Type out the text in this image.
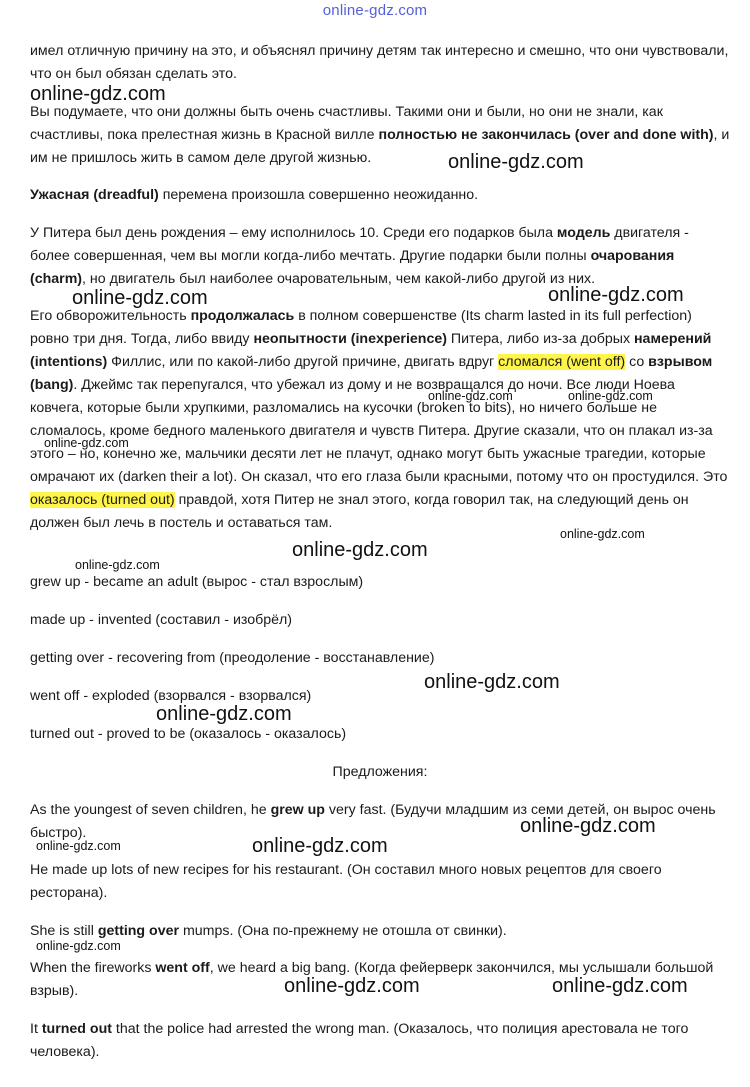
online-gdz.com
имел отличную причину на это, и объяснял причину детям так интересно и смешно, что они чувствовали, что он был обязан сделать это.
Вы подумаете, что они должны быть очень счастливы. Такими они и были, но они не знали, как счастливы, пока прелестная жизнь в Красной вилле полностью не закончилась (over and done with), и им не пришлось жить в самом деле другой жизнью.
Ужасная (dreadful) перемена произошла совершенно неожиданно.
У Питера был день рождения – ему исполнилось 10. Среди его подарков была модель двигателя - более совершенная, чем вы могли когда-либо мечтать. Другие подарки были полны очарования (charm), но двигатель был наиболее очаровательным, чем какой-либо другой из них.
Его обворожительность продолжалась в полном совершенстве (Its charm lasted in its full perfection) ровно три дня. Тогда, либо ввиду неопытности (inexperience) Питера, либо из-за добрых намерений (intentions) Филлис, или по какой-либо другой причине, двигать вдруг сломался (went off) со взрывом (bang). Джеймс так перепугался, что убежал из дому и не возвращался до ночи. Все люди Ноева ковчега, которые были хрупкими, разломались на кусочки (broken to bits), но ничего больше не сломалось, кроме бедного маленького двигателя и чувств Питера. Другие сказали, что он плакал из-за этого – но, конечно же, мальчики десяти лет не плачут, однако могут быть ужасные трагедии, которые омрачают их (darken their a lot). Он сказал, что его глаза были красными, потому что он простудился. Это оказалось (turned out) правдой, хотя Питер не знал этого, когда говорил так, на следующий день он должен был лечь в постель и оставаться там.
grew up - became an adult (вырос - стал взрослым)
made up - invented (составил - изобрёл)
getting over - recovering from (преодоление - восстанавление)
went off - exploded (взорвался - взорвался)
turned out - proved to be (оказалось - оказалось)
Предложения:
As the youngest of seven children, he grew up very fast. (Будучи младшим из семи детей, он вырос очень быстро).
He made up lots of new recipes for his restaurant. (Он составил много новых рецептов для своего ресторана).
She is still getting over mumps. (Она по-прежнему не отошла от свинки).
When the fireworks went off, we heard a big bang. (Когда фейерверк закончился, мы услышали большой взрыв).
It turned out that the police had arrested the wrong man. (Оказалось, что полиция арестовала не того человека).
online-gdz.com
online-gdz.com
online-gdz.com	online-gdz.com
online-gdz.com	online-gdz.com
online-gdz.com
online-gdz.com
online-gdz.com
online-gdz.com
online-gdz.com
online-gdz.com
online-gdz.com
online-gdz.com	online-gdz.com
online-gdz.com
online-gdz.com	online-gdz.com
